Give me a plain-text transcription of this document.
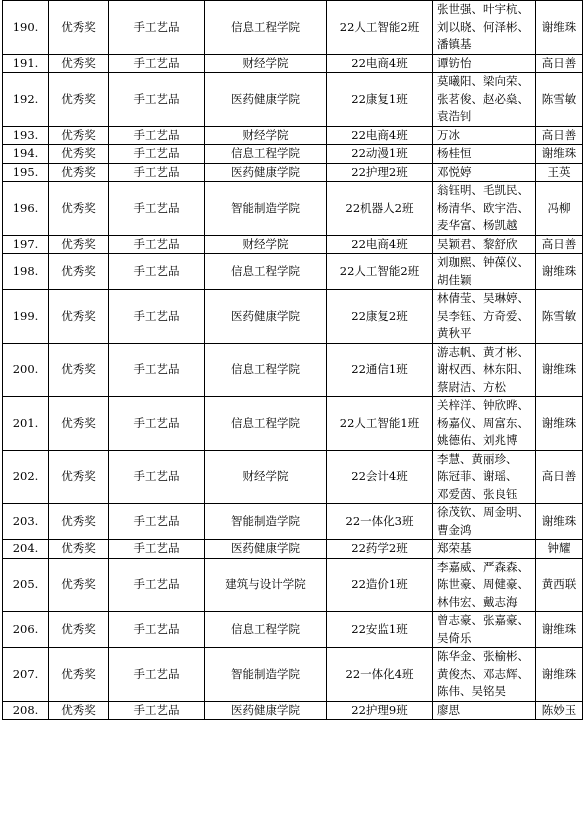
190.	优秀奖	手工艺品	信息工程学院	22人工智能2班	张世强、叶宇杭、
刘以晓、何泽彬、
潘镇基	谢维珠
191.	优秀奖	手工艺品	财经学院	22电商4班	谭钫怡	高日善
192.	优秀奖	手工艺品	医药健康学院	22康复1班	莫曦阳、梁向荣、
张茗俊、赵必燊、
袁浩钊	陈雪敏
193.	优秀奖	手工艺品	财经学院	22电商4班	万冰	高日善
194.	优秀奖	手工艺品	信息工程学院	22动漫1班	杨桂恒	谢维珠
195.	优秀奖	手工艺品	医药健康学院	22护理2班	邓悦婷	王英
196.	优秀奖	手工艺品	智能制造学院	22机器人2班	翁钰明、毛凯民、
杨清华、欧宇浩、
麦华富、杨凯越	冯柳
197.	优秀奖	手工艺品	财经学院	22电商4班	吴颖君、黎舒欣	高日善
198.	优秀奖	手工艺品	信息工程学院	22人工智能2班	刘珈熙、钟葆仪、
胡佳颖	谢维珠
199.	优秀奖	手工艺品	医药健康学院	22康复2班	林倩莹、吴琳婷、
吴李钰、方奇爱、
黄秋平	陈雪敏
200.	优秀奖	手工艺品	信息工程学院	22通信1班	游志帆、黄才彬、
谢权西、林东阳、
蔡尉洁、方松	谢维珠
201.	优秀奖	手工艺品	信息工程学院	22人工智能1班	关梓洋、钟欣晔、
杨嘉仪、周富东、
姚德佑、刘兆博	谢维珠
202.	优秀奖	手工艺品	财经学院	22会计4班	李慧、黄丽珍、
陈冠菲、谢瑶、
邓爱茵、张良钰	高日善
203.	优秀奖	手工艺品	智能制造学院	22一体化3班	徐茂钦、周金明、
曹金鸿	谢维珠
204.	优秀奖	手工艺品	医药健康学院	22药学2班	郑荣基	钟耀
205.	优秀奖	手工艺品	建筑与设计学院	22造价1班	李嘉威、严森森、
陈世豪、周健豪、
林伟宏、戴志海	黄西联
206.	优秀奖	手工艺品	信息工程学院	22安监1班	曾志豪、张嘉豪、
吴倚乐	谢维珠
207.	优秀奖	手工艺品	智能制造学院	22一体化4班	陈华金、张榆彬、
黄俊杰、邓志辉、
陈伟、吴铭昊	谢维珠
208.	优秀奖	手工艺品	医药健康学院	22护理9班	廖思	陈妙玉
